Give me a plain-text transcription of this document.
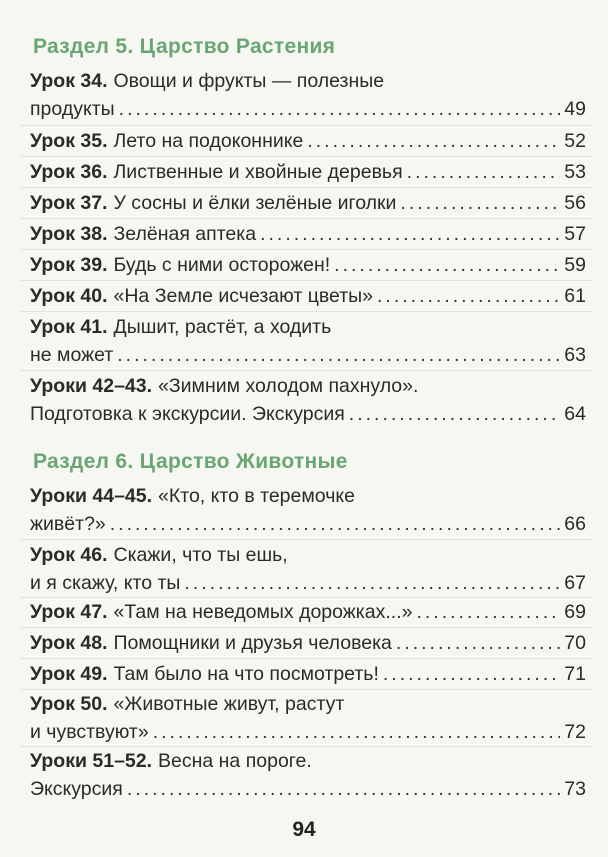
Раздел 5. Царство Растения
Урок 34. Овощи и фрукты — полезные
продукты .....	49
Урок 35. Лето на подоконнике .....	52
Урок 36. Лиственные и хвойные деревья .....	53
Урок 37. У сосны и ёлки зелёные иголки .....	56
Урок 38. Зелёная аптека .....	57
Урок 39. Будь с ними осторожен! .....	59
Урок 40. «На Земле исчезают цветы» .....	61
Урок 41. Дышит, растёт, а ходить
не может .....	63
Уроки 42–43. «Зимним холодом пахнуло».
Подготовка к экскурсии. Экскурсия .....	64
Раздел 6. Царство Животные
Уроки 44–45. «Кто, кто в теремочке
живёт?» .....	66
Урок 46. Скажи, что ты ешь,
и я скажу, кто ты .....	67
Урок 47. «Там на неведомых дорожках...» .....	69
Урок 48. Помощники и друзья человека .....	70
Урок 49. Там было на что посмотреть! .....	71
Урок 50. «Животные живут, растут
и чувствуют» .....	72
Уроки 51–52. Весна на пороге.
Экскурсия .....	73
94
